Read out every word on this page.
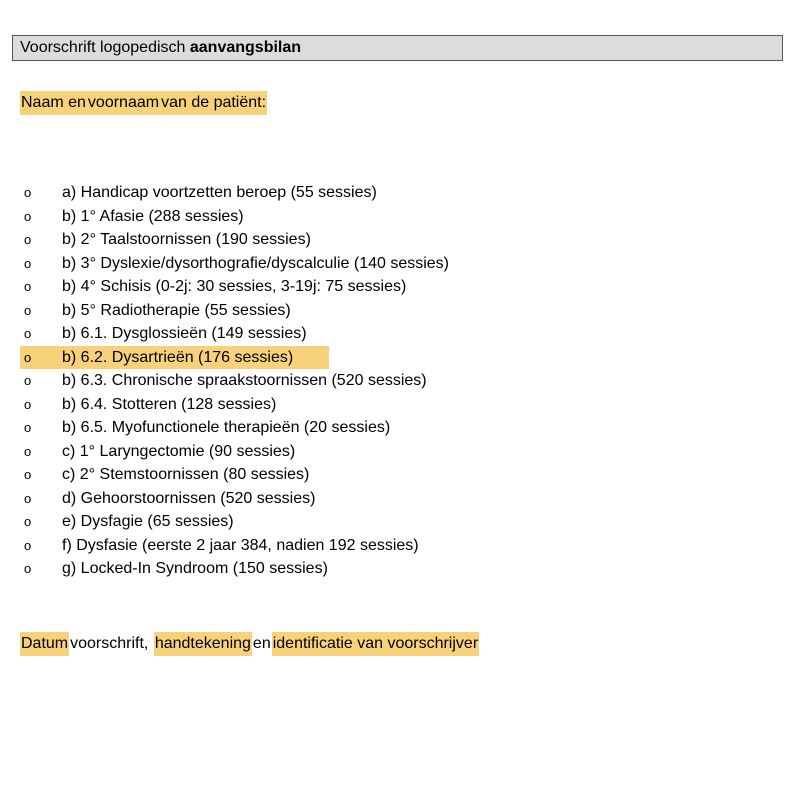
Voorschrift logopedisch aanvangsbilan
Naam en voornaam van de patiënt:
o	a) Handicap voortzetten beroep (55 sessies)
o	b) 1° Afasie (288 sessies)
o	b) 2° Taalstoornissen (190 sessies)
o	b) 3° Dyslexie/dysorthografie/dyscalculie (140 sessies)
o	b) 4° Schisis (0-2j: 30 sessies, 3-19j: 75 sessies)
o	b) 5° Radiotherapie (55 sessies)
o	b) 6.1. Dysglossieën (149 sessies)
o	b) 6.2. Dysartrieën (176 sessies)
o	b) 6.3. Chronische spraakstoornissen (520 sessies)
o	b) 6.4. Stotteren (128 sessies)
o	b) 6.5. Myofunctionele therapieën (20 sessies)
o	c) 1° Laryngectomie (90 sessies)
o	c) 2° Stemstoornissen (80 sessies)
o	d) Gehoorstoornissen (520 sessies)
o	e) Dysfagie (65 sessies)
o	f) Dysfasie (eerste 2 jaar 384, nadien 192 sessies)
o	g) Locked-In Syndroom (150 sessies)
Datum voorschrift, handtekening en identificatie van voorschrijver
